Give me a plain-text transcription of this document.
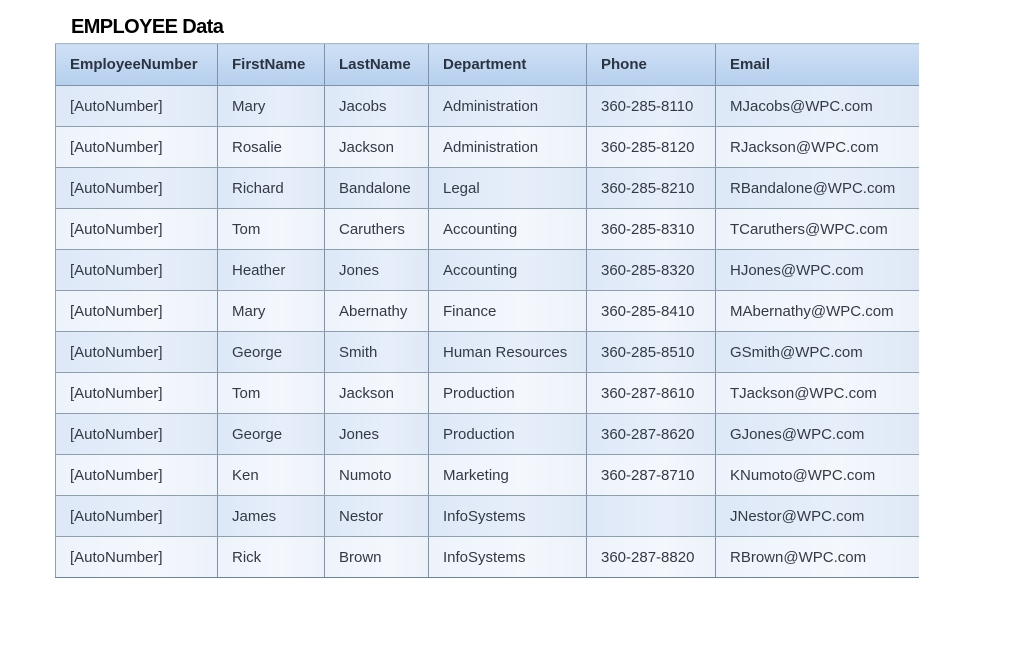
EMPLOYEE Data
EmployeeNumber	FirstName	LastName	Department	Phone	Email
[AutoNumber]	Mary	Jacobs	Administration	360-285-8110	MJacobs@WPC.com
[AutoNumber]	Rosalie	Jackson	Administration	360-285-8120	RJackson@WPC.com
[AutoNumber]	Richard	Bandalone	Legal	360-285-8210	RBandalone@WPC.com
[AutoNumber]	Tom	Caruthers	Accounting	360-285-8310	TCaruthers@WPC.com
[AutoNumber]	Heather	Jones	Accounting	360-285-8320	HJones@WPC.com
[AutoNumber]	Mary	Abernathy	Finance	360-285-8410	MAbernathy@WPC.com
[AutoNumber]	George	Smith	Human Resources	360-285-8510	GSmith@WPC.com
[AutoNumber]	Tom	Jackson	Production	360-287-8610	TJackson@WPC.com
[AutoNumber]	George	Jones	Production	360-287-8620	GJones@WPC.com
[AutoNumber]	Ken	Numoto	Marketing	360-287-8710	KNumoto@WPC.com
[AutoNumber]	James	Nestor	InfoSystems		JNestor@WPC.com
[AutoNumber]	Rick	Brown	InfoSystems	360-287-8820	RBrown@WPC.com
